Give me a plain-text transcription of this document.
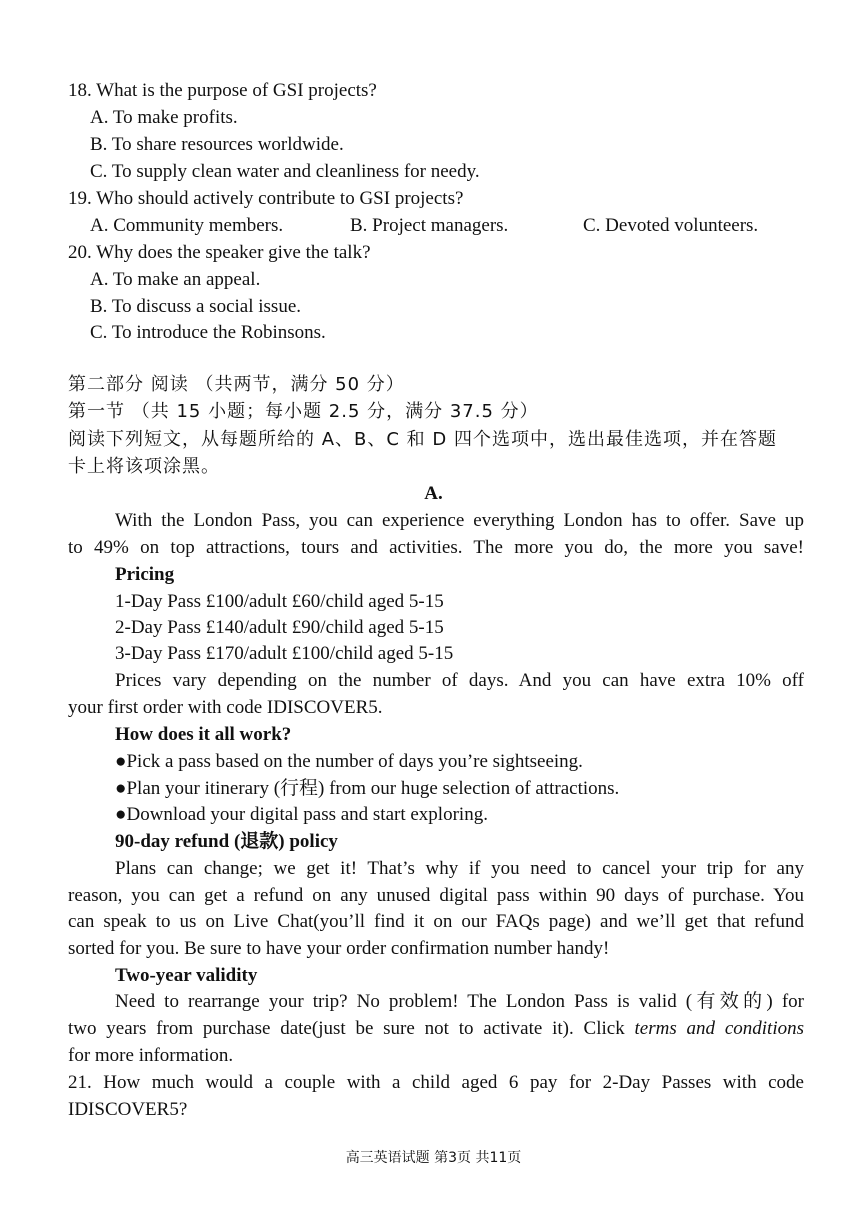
18. What is the purpose of GSI projects?
A. To make profits.
B. To share resources worldwide.
C. To supply clean water and cleanliness for needy.
19. Who should actively contribute to GSI projects?
A. Community members.	B. Project managers.	C. Devoted volunteers.
20. Why does the speaker give the talk?
A. To make an appeal.
B. To discuss a social issue.
C. To introduce the Robinsons.
第二部分 阅读 （共两节，满分 50 分）
第一节 （共 15 小题；每小题 2.5 分，满分 37.5 分）
阅读下列短文，从每题所给的 A、B、C 和 D 四个选项中，选出最佳选项，并在答题
卡上将该项涂黑。
A.
With the London Pass, you can experience everything London has to offer. Save up
to 49% on top attractions, tours and activities. The more you do, the more you save!
Pricing
1-Day Pass £100/adult £60/child aged 5-15
2-Day Pass £140/adult £90/child aged 5-15
3-Day Pass £170/adult £100/child aged 5-15
Prices vary depending on the number of days. And you can have extra 10% off
your first order with code IDISCOVER5.
How does it all work?
●Pick a pass based on the number of days you’re sightseeing.
●Plan your itinerary (行程) from our huge selection of attractions.
●Download your digital pass and start exploring.
90-day refund (退款) policy
Plans can change; we get it! That’s why if you need to cancel your trip for any
reason, you can get a refund on any unused digital pass within 90 days of purchase. You
can speak to us on Live Chat(you’ll find it on our FAQs page) and we’ll get that refund
sorted for you. Be sure to have your order confirmation number handy!
Two-year validity
Need to rearrange your trip? No problem! The London Pass is valid (有效的) for
two years from purchase date(just be sure not to activate it). Click terms and conditions
for more information.
21. How much would a couple with a child aged 6 pay for 2-Day Passes with code
IDISCOVER5?
高三英语试题 第3页 共11页
